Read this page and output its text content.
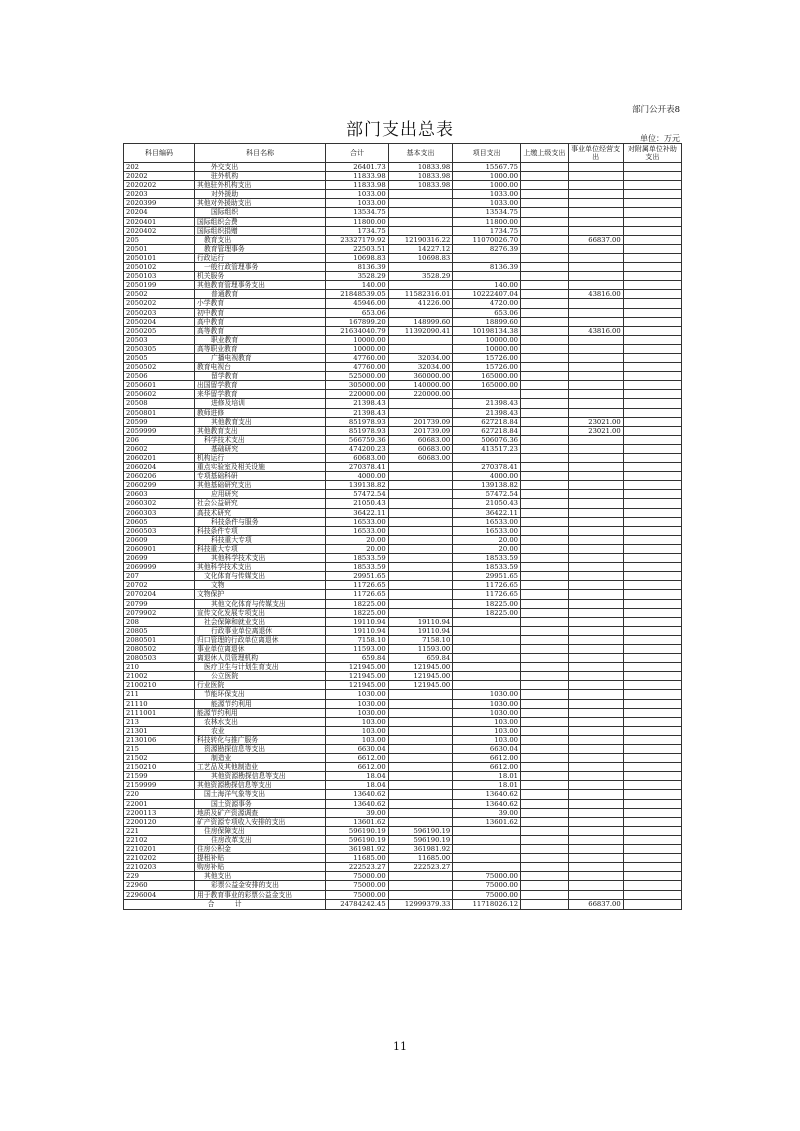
部门公开表8
部门支出总表	单位：万元
科目编码	科目名称	合计	基本支出	项目支出	上缴上级支出	事业单位经营支出	对附属单位补助支出
202	外交支出	26401.73	10833.98	15567.75			
20202	驻外机构	11833.98	10833.98	1000.00			
2020202	其他驻外机构支出	11833.98	10833.98	1000.00			
20203	对外援助	1033.00		1033.00			
2020399	其他对外援助支出	1033.00		1033.00			
20204	国际组织	13534.75		13534.75			
2020401	国际组织会费	11800.00		11800.00			
2020402	国际组织捐赠	1734.75		1734.75			
205	教育支出	23327179.92	12190316.22	11070026.70		66837.00	
20501	教育管理事务	22503.51	14227.12	8276.39			
2050101	行政运行	10698.83	10698.83				
2050102	一般行政管理事务	8136.39		8136.39			
2050103	机关服务	3528.29	3528.29				
2050199	其他教育管理事务支出	140.00		140.00			
20502	普通教育	21848539.05	11582316.01	10222407.04		43816.00	
2050202	小学教育	45946.00	41226.00	4720.00			
2050203	初中教育	653.06		653.06			
2050204	高中教育	167899.20	148999.60	18899.60			
2050205	高等教育	21634040.79	11392090.41	10198134.38		43816.00	
20503	职业教育	10000.00		10000.00			
2050305	高等职业教育	10000.00		10000.00			
20505	广播电视教育	47760.00	32034.00	15726.00			
2050502	教育电视台	47760.00	32034.00	15726.00			
20506	留学教育	525000.00	360000.00	165000.00			
2050601	出国留学教育	305000.00	140000.00	165000.00			
2050602	来华留学教育	220000.00	220000.00				
20508	进修及培训	21398.43		21398.43			
2050801	教师进修	21398.43		21398.43			
20599	其他教育支出	851978.93	201739.09	627218.84		23021.00	
2059999	其他教育支出	851978.93	201739.09	627218.84		23021.00	
206	科学技术支出	566759.36	60683.00	506076.36			
20602	基础研究	474200.23	60683.00	413517.23			
2060201	机构运行	60683.00	60683.00				
2060204	重点实验室及相关设施	270378.41		270378.41			
2060206	专项基础科研	4000.00		4000.00			
2060299	其他基础研究支出	139138.82		139138.82			
20603	应用研究	57472.54		57472.54			
2060302	社会公益研究	21050.43		21050.43			
2060303	高技术研究	36422.11		36422.11			
20605	科技条件与服务	16533.00		16533.00			
2060503	科技条件专项	16533.00		16533.00			
20609	科技重大专项	20.00		20.00			
2060901	科技重大专项	20.00		20.00			
20699	其他科学技术支出	18533.59		18533.59			
2069999	其他科学技术支出	18533.59		18533.59			
207	文化体育与传媒支出	29951.65		29951.65			
20702	文物	11726.65		11726.65			
2070204	文物保护	11726.65		11726.65			
20799	其他文化体育与传媒支出	18225.00		18225.00			
2079902	宣传文化发展专项支出	18225.00		18225.00			
208	社会保障和就业支出	19110.94	19110.94				
20805	行政事业单位离退休	19110.94	19110.94				
2080501	归口管理的行政单位离退休	7158.10	7158.10				
2080502	事业单位离退休	11593.00	11593.00				
2080503	离退休人员管理机构	659.84	659.84				
210	医疗卫生与计划生育支出	121945.00	121945.00				
21002	公立医院	121945.00	121945.00				
2100210	行业医院	121945.00	121945.00				
211	节能环保支出	1030.00		1030.00			
21110	能源节约利用	1030.00		1030.00			
2111001	能源节约利用	1030.00		1030.00			
213	农林水支出	103.00		103.00			
21301	农业	103.00		103.00			
2130106	科技转化与推广服务	103.00		103.00			
215	资源勘探信息等支出	6630.04		6630.04			
21502	制造业	6612.00		6612.00			
2150210	工艺品及其他制造业	6612.00		6612.00			
21599	其他资源勘探信息等支出	18.04		18.01			
2159999	其他资源勘探信息等支出	18.04		18.01			
220	国土海洋气象等支出	13640.62		13640.62			
22001	国土资源事务	13640.62		13640.62			
2200113	地质及矿产资源调查	39.00		39.00			
2200120	矿产资源专项收入安排的支出	13601.62		13601.62			
221	住房保障支出	596190.19	596190.19				
22102	住房改革支出	596190.19	596190.19				
2210201	住房公积金	361981.92	361981.92				
2210202	提租补贴	11685.00	11685.00				
2210203	购房补贴	222523.27	222523.27				
229	其他支出	75000.00		75000.00			
22960	彩票公益金安排的支出	75000.00		75000.00			
2296004	用于教育事业的彩票公益金支出	75000.00		75000.00			
合　　　计		24784242.45	12999379.33	11718026.12		66837.00	
11
